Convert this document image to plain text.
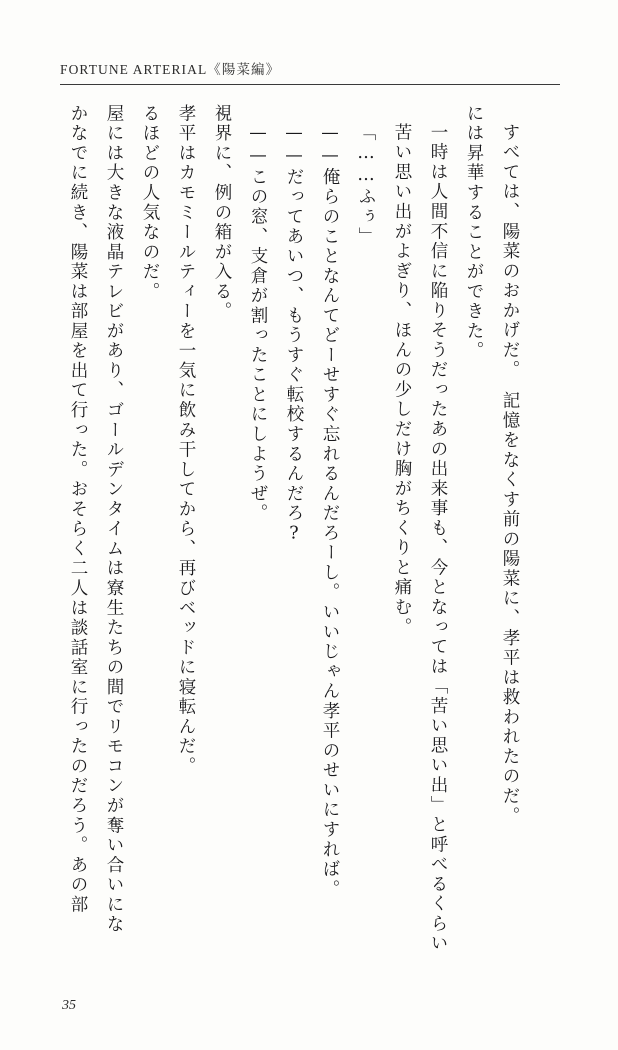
FORTUNE ARTERIAL《陽菜編》
かなでに続き、陽菜は部屋を出て行った。おそらく二人は談話室に行ったのだろう。あの部 屋には大きな液晶テレビがあり、ゴールデンタイムは寮生たちの間でリモコンが奪い合いにな るほどの人気なのだ。 孝平はカモミールティーを一気に飲み干してから、再びベッドに寝転んだ。 視界に、例の箱が入る。 ——この窓、支倉が割ったことにしようぜ。 ——だってあいつ、もうすぐ転校するんだろ? ——俺らのことなんてどーせすぐ忘れるんだろーし。いいじゃん孝平のせいにすれば。 「……ふぅ」 苦い思い出がよぎり、ほんの少しだけ胸がちくりと痛む。 一時は人間不信に陥りそうだったあの出来事も、今となっては「苦い思い出」と呼べるくらい には昇華することができた。 すべては、陽菜のおかげだ。　記憶をなくす前の陽菜に、孝平は救われたのだ。
35
